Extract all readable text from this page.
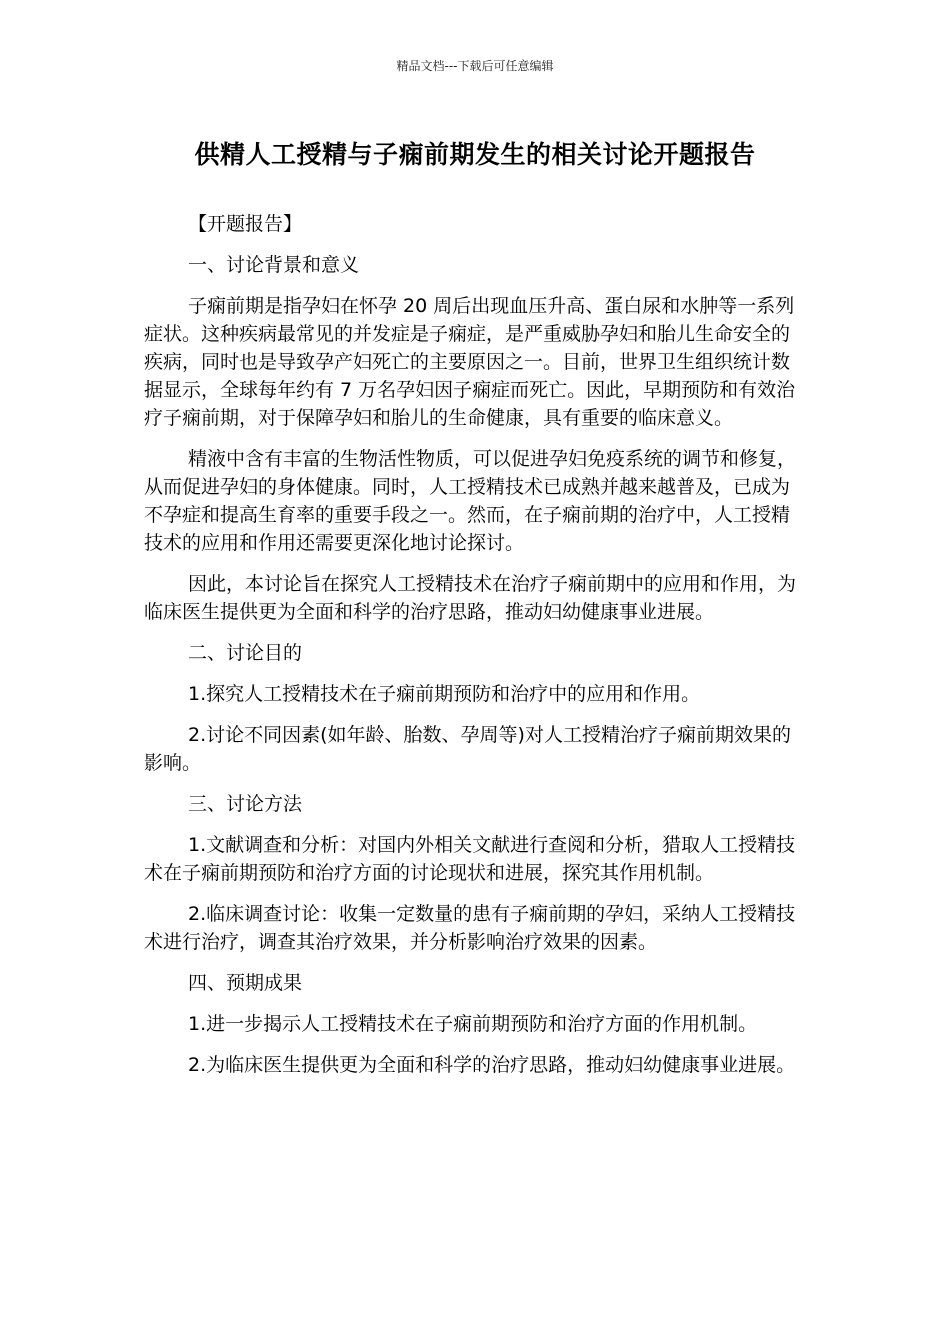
精品文档---下载后可任意编辑
供精人工授精与子痫前期发生的相关讨论开题报告

【开题报告】

一、讨论背景和意义

子痫前期是指孕妇在怀孕 20 周后出现血压升高、蛋白尿和水肿等一系列症状。这种疾病最常见的并发症是子痫症，是严重威胁孕妇和胎儿生命安全的疾病，同时也是导致孕产妇死亡的主要原因之一。目前，世界卫生组织统计数据显示，全球每年约有 7 万名孕妇因子痫症而死亡。因此，早期预防和有效治疗子痫前期，对于保障孕妇和胎儿的生命健康，具有重要的临床意义。

精液中含有丰富的生物活性物质，可以促进孕妇免疫系统的调节和修复，从而促进孕妇的身体健康。同时，人工授精技术已成熟并越来越普及，已成为不孕症和提高生育率的重要手段之一。然而，在子痫前期的治疗中，人工授精技术的应用和作用还需要更深化地讨论探讨。

因此，本讨论旨在探究人工授精技术在治疗子痫前期中的应用和作用，为临床医生提供更为全面和科学的治疗思路，推动妇幼健康事业进展。

二、讨论目的

1.探究人工授精技术在子痫前期预防和治疗中的应用和作用。

2.讨论不同因素(如年龄、胎数、孕周等)对人工授精治疗子痫前期效果的影响。

三、讨论方法

1.文献调查和分析：对国内外相关文献进行查阅和分析，猎取人工授精技术在子痫前期预防和治疗方面的讨论现状和进展，探究其作用机制。

2.临床调查讨论：收集一定数量的患有子痫前期的孕妇，采纳人工授精技术进行治疗，调查其治疗效果，并分析影响治疗效果的因素。

四、预期成果

1.进一步揭示人工授精技术在子痫前期预防和治疗方面的作用机制。

2.为临床医生提供更为全面和科学的治疗思路，推动妇幼健康事业进展。
